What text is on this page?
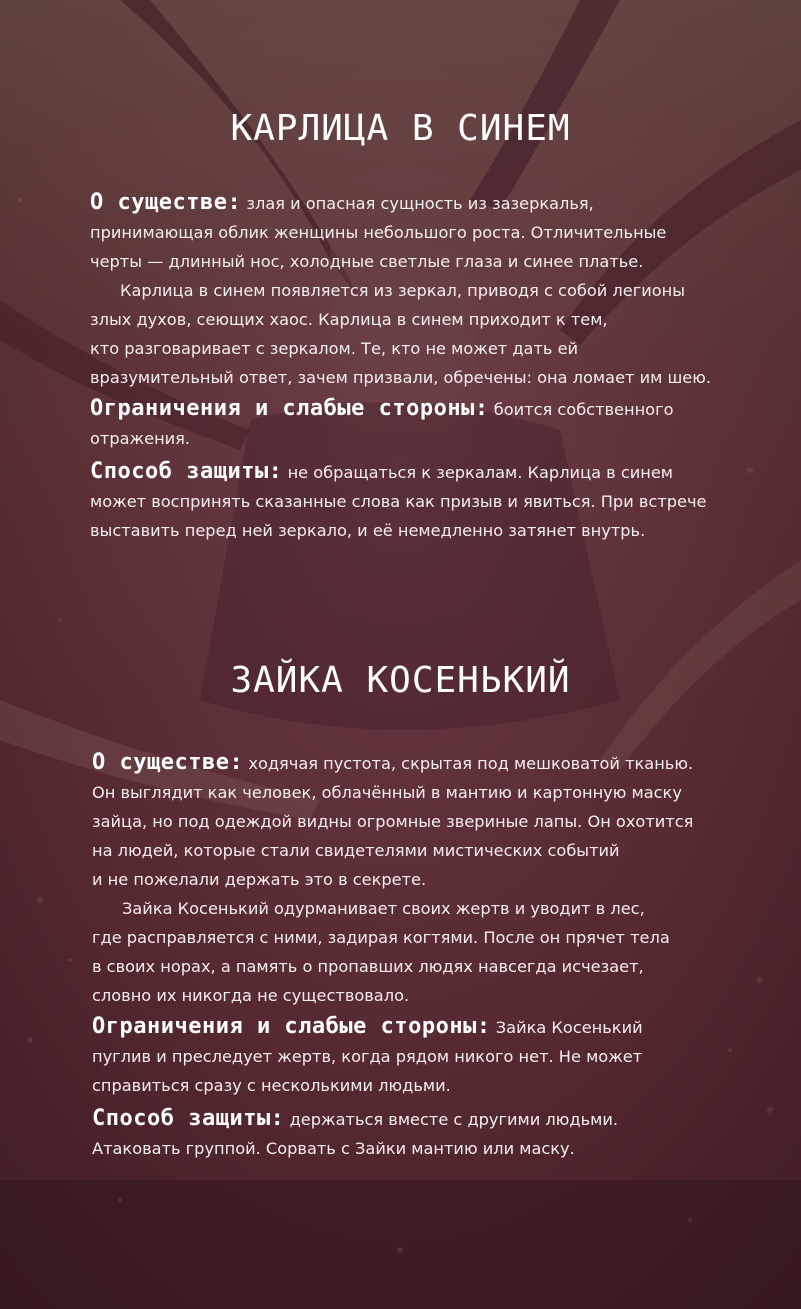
КАРЛИЦА В СИНЕМ

О существе: злая и опасная сущность из зазеркалья,
принимающая облик женщины небольшого роста. Отличительные
черты — длинный нос, холодные светлые глаза и синее платье.
Карлица в синем появляется из зеркал, приводя с собой легионы
злых духов, сеющих хаос. Карлица в синем приходит к тем,
кто разговаривает с зеркалом. Те, кто не может дать ей
вразумительный ответ, зачем призвали, обречены: она ломает им шею.

Ограничения и слабые стороны: боится собственного
отражения.

Способ защиты: не обращаться к зеркалам. Карлица в синем
может воспринять сказанные слова как призыв и явиться. При встрече
выставить перед ней зеркало, и её немедленно затянет внутрь.

ЗАЙКА КОСЕНЬКИЙ

О существе: ходячая пустота, скрытая под мешковатой тканью.
Он выглядит как человек, облачённый в мантию и картонную маску
зайца, но под одеждой видны огромные звериные лапы. Он охотится
на людей, которые стали свидетелями мистических событий
и не пожелали держать это в секрете.
Зайка Косенький одурманивает своих жертв и уводит в лес,
где расправляется с ними, задирая когтями. После он прячет тела
в своих норах, а память о пропавших людях навсегда исчезает,
словно их никогда не существовало.

Ограничения и слабые стороны: Зайка Косенький
пуглив и преследует жертв, когда рядом никого нет. Не может
справиться сразу с несколькими людьми.

Способ защиты: держаться вместе с другими людьми.
Атаковать группой. Сорвать с Зайки мантию или маску.
